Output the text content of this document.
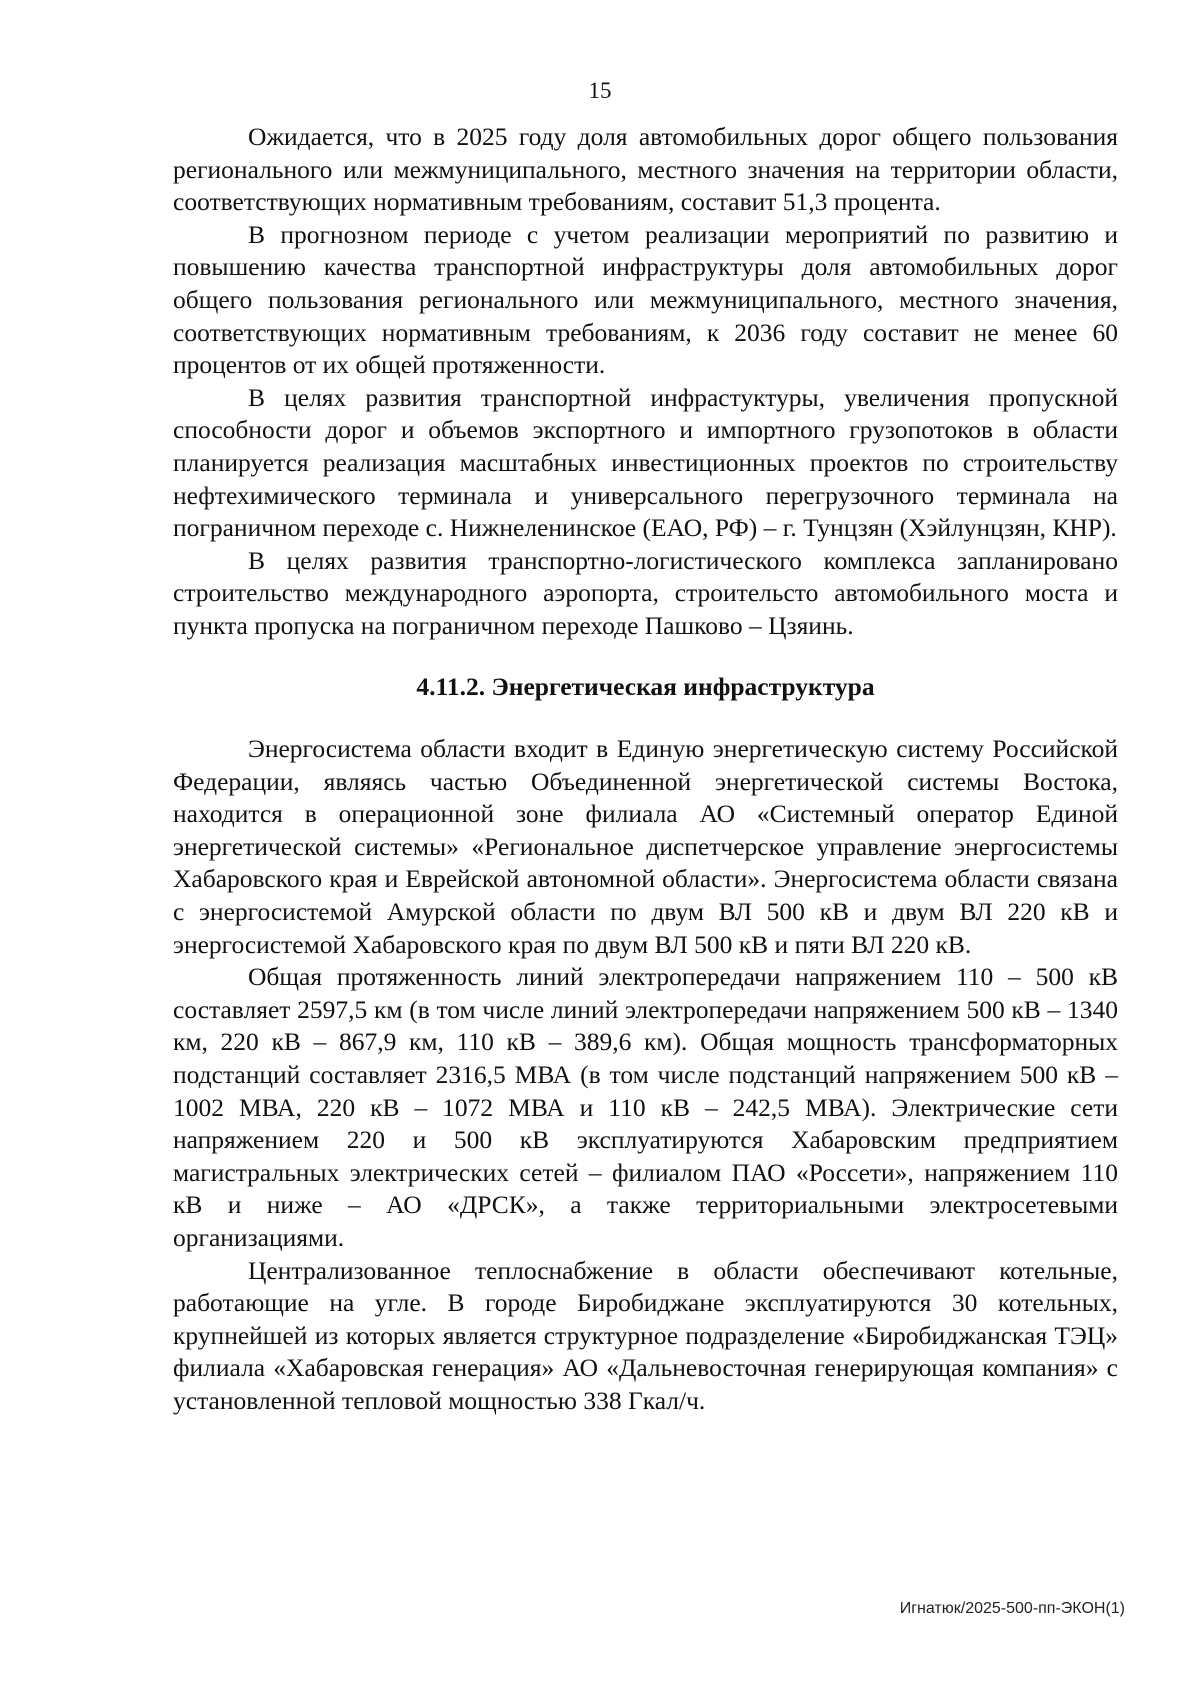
15

Ожидается, что в 2025 году доля автомобильных дорог общего пользования регионального или межмуниципального, местного значения на территории области, соответствующих нормативным требованиям, составит 51,3 процента.

В прогнозном периоде с учетом реализации мероприятий по развитию и повышению качества транспортной инфраструктуры доля автомобильных дорог общего пользования регионального или межмуниципального, местного значения, соответствующих нормативным требованиям, к 2036 году составит не менее 60 процентов от их общей протяженности.

В целях развития транспортной инфрастуктуры, увеличения пропускной способности дорог и объемов экспортного и импортного грузопотоков в области планируется реализация масштабных инвестиционных проектов по строительству нефтехимического терминала и универсального перегрузочного терминала на пограничном переходе с. Нижнеленинское (ЕАО, РФ) – г. Тунцзян (Хэйлунцзян, КНР).

В целях развития транспортно-логистического комплекса запланировано строительство международного аэропорта, строительсто автомобильного моста и пункта пропуска на пограничном переходе Пашково – Цзяинь.

4.11.2. Энергетическая инфраструктура

Энергосистема области входит в Единую энергетическую систему Российской Федерации, являясь частью Объединенной энергетической системы Востока, находится в операционной зоне филиала АО «Системный оператор Единой энергетической системы» «Региональное диспетчерское управление энергосистемы Хабаровского края и Еврейской автономной области». Энергосистема области связана с энергосистемой Амурской области по двум ВЛ 500 кВ и двум ВЛ 220 кВ и энергосистемой Хабаровского края по двум ВЛ 500 кВ и пяти ВЛ 220 кВ.

Общая протяженность линий электропередачи напряжением 110 – 500 кВ составляет 2597,5 км (в том числе линий электропередачи напряжением 500 кВ – 1340 км, 220 кВ – 867,9 км, 110 кВ – 389,6 км). Общая мощность трансформаторных подстанций составляет 2316,5 МВА (в том числе подстанций напряжением 500 кВ – 1002 МВА, 220 кВ – 1072 МВА и 110 кВ – 242,5 МВА). Электрические сети напряжением 220 и 500 кВ эксплуатируются Хабаровским предприятием магистральных электрических сетей – филиалом ПАО «Россети», напряжением 110 кВ и ниже – АО «ДРСК», а также территориальными электросетевыми организациями.

Централизованное теплоснабжение в области обеспечивают котельные, работающие на угле. В городе Биробиджане эксплуатируются 30 котельных, крупнейшей из которых является структурное подразделение «Биробиджанская ТЭЦ» филиала «Хабаровская генерация» АО «Дальневосточная генерирующая компания» с установленной тепловой мощностью 338 Гкал/ч.

Игнатюк/2025-500-пп-ЭКОН(1)
